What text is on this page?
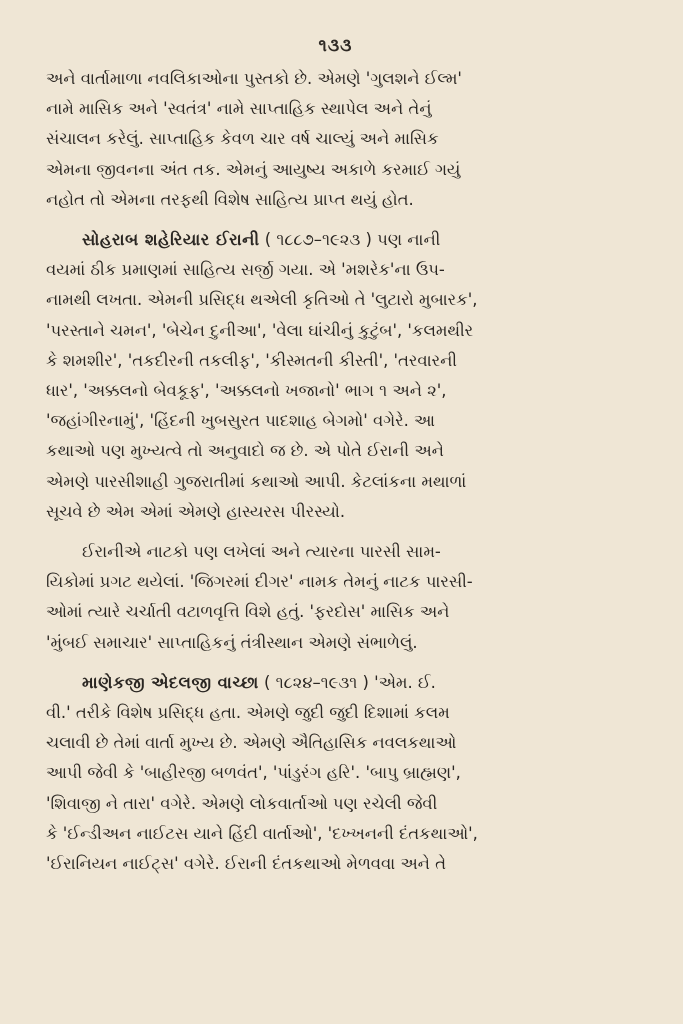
૧૩૩
અને વાર્તામાળા નવલિકાઓના પુસ્તકો છે. એમણે 'ગુલશને ઈલ્મ'
નામે માસિક અને 'સ્વતંત્ર' નામે સાપ્તાહિક સ્થાપેલ અને તેનું
સંચાલન કરેલું. સાપ્તાહિક કેવળ ચાર વર્ષ ચાલ્યું અને માસિક
એમના જીવનના અંત તક. એમનું આયુષ્ય અકાળે કરમાઈ ગયું
નહોત તો એમના તરફથી વિશેષ સાહિત્ય પ્રાપ્ત થયું હોત.
સોહરાબ શહેરિયાર ઈરાની ( ૧૮૮૭–૧૯૨૩ ) પણ નાની
વયમાં ઠીક પ્રમાણમાં સાહિત્ય સર્જી ગયા. એ 'મશરેક'ના ઉપ-
નામથી લખતા. એમની પ્રસિદ્ધ થએલી કૃતિઓ તે 'લુટારો મુબારક',
'પરસ્તાને ચમન', 'બેચેન દુનીઆ', 'વેલા ઘાંચીનું કુટુંબ', 'કલમથીર
કે શમશીર', 'તકદીરની તકલીફ', 'કીસ્મતની કીસ્તી', 'તરવારની
ધાર', 'અક્કલનો બેવકૂફ', 'અક્કલનો ખજાનો' ભાગ ૧ અને ૨',
'જહાંગીરનામું', 'હિંદની ખુબસુરત પાદશાહ બેગમો' વગેરે. આ
કથાઓ પણ મુખ્યત્વે તો અનુવાદો જ છે. એ પોતે ઈરાની અને
એમણે પારસીશાહી ગુજરાતીમાં કથાઓ આપી. કેટલાંકના મથાળાં
સૂચવે છે એમ એમાં એમણે હાસ્યરસ પીરસ્યો.
ઈરાનીએ નાટકો પણ લખેલાં અને ત્યારના પારસી સામ-
યિકોમાં પ્રગટ થયેલાં. 'જિગરમાં દીગર' નામક તેમનું નાટક પારસી-
ઓમાં ત્યારે ચર્ચાતી વટાળવૃત્તિ વિશે હતું. 'ફરદોસ' માસિક અને
'મુંબઈ સમાચાર' સાપ્તાહિકનું તંત્રીસ્થાન એમણે સંભાળેલું.
માણેકજી એદલજી વાચ્છા ( ૧૮૨૪–૧૯૩૧ ) 'એમ. ઈ.
વી.' તરીકે વિશેષ પ્રસિદ્ધ હતા. એમણે જુદી જુદી દિશામાં કલમ
ચલાવી છે તેમાં વાર્તા મુખ્ય છે. એમણે ઐતિહાસિક નવલકથાઓ
આપી જેવી કે 'બાહીરજી બળવંત', 'પાંડુરંગ હરિ'. 'બાપુ બ્રાહ્મણ',
'શિવાજી ને તારા' વગેરે. એમણે લોકવાર્તાઓ પણ રચેલી જેવી
કે 'ઈન્ડીઅન નાઈટસ યાને હિંદી વાર્તાઓ', 'દખ્ખનની દંતકથાઓ',
'ઈરાનિયન નાઈટ્સ' વગેરે. ઈરાની દંતકથાઓ મેળવવા અને તે
